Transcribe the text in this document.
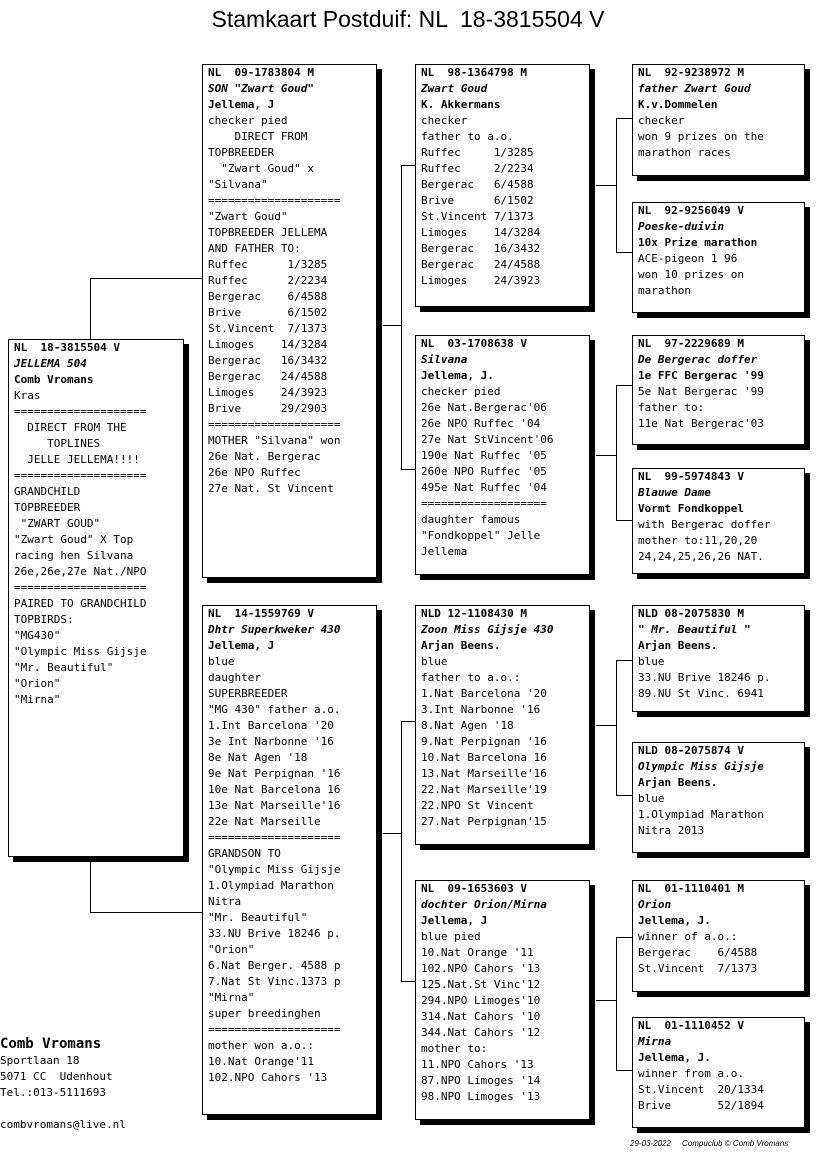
Stamkaart Postduif: NL  18-3815504 V
NL  18-3815504 V
JELLEMA 504
Comb Vromans
Kras
====================
DIRECT FROM THE
TOPLINES
JELLE JELLEMA!!!!
====================
GRANDCHILD
TOPBREEDER
"ZWART GOUD"
"Zwart Goud" X Top
racing hen Silvana
26e,26e,27e Nat./NPO
====================
PAIRED TO GRANDCHILD
TOPBIRDS:
"MG430"
"Olympic Miss Gijsje
"Mr. Beautiful"
"Orion"
"Mirna"
NL  09-1783804 M
SON "Zwart Goud"
Jellema, J
checker pied
DIRECT FROM
TOPBREEDER
"Zwart Goud" x
"Silvana"
====================
"Zwart Goud"
TOPBREEDER JELLEMA
AND FATHER TO:
Ruffec      1/3285
Ruffec      2/2234
Bergerac    6/4588
Brive       6/1502
St.Vincent  7/1373
Limoges    14/3284
Bergerac   16/3432
Bergerac   24/4588
Limoges    24/3923
Brive      29/2903
====================
MOTHER "Silvana" won
26e Nat. Bergerac
26e NPO Ruffec
27e Nat. St Vincent
NL  14-1559769 V
Dhtr Superkweker 430
Jellema, J
blue
daughter
SUPERBREEDER
"MG 430" father a.o.
1.Int Barcelona '20
3e Int Narbonne '16
8e Nat Agen '18
9e Nat Perpignan '16
10e Nat Barcelona 16
13e Nat Marseille'16
22e Nat Marseille
====================
GRANDSON TO
"Olympic Miss Gijsje
1.Olympiad Marathon
Nitra
"Mr. Beautiful"
33.NU Brive 18246 p.
"Orion"
6.Nat Berger. 4588 p
7.Nat St Vinc.1373 p
"Mirna"
super breedinghen
====================
mother won a.o.:
10.Nat Orange'11
102.NPO Cahors '13
NL  98-1364798 M
Zwart Goud
K. Akkermans
checker
father to a.o.
Ruffec     1/3285
Ruffec     2/2234
Bergerac   6/4588
Brive      6/1502
St.Vincent 7/1373
Limoges    14/3284
Bergerac   16/3432
Bergerac   24/4588
Limoges    24/3923
NL  03-1708638 V
Silvana
Jellema, J.
checker pied
26e Nat.Bergerac'06
26e NPO Ruffec '04
27e Nat StVincent'06
190e Nat Ruffec '05
260e NPO Ruffec '05
495e Nat Ruffec '04
===================
daughter famous
"Fondkoppel" Jelle
Jellema
NLD 12-1108430 M
Zoon Miss Gijsje 430
Arjan Beens.
blue
father to a.o.:
1.Nat Barcelona '20
3.Int Narbonne '16
8.Nat Agen '18
9.Nat Perpignan '16
10.Nat Barcelona 16
13.Nat Marseille'16
22.Nat Marseille'19
22.NPO St Vincent
27.Nat Perpignan'15
NL  09-1653603 V
dochter Orion/Mirna
Jellema, J
blue pied
10.Nat Orange '11
102.NPO Cahors '13
125.Nat.St Vinc'12
294.NPO Limoges'10
314.Nat Cahors '10
344.Nat Cahors '12
mother to:
11.NPO Cahors '13
87.NPO Limoges '14
98.NPO Limoges '13
NL  92-9238972 M
father Zwart Goud
K.v.Dommelen
checker
won 9 prizes on the
marathon races
NL  92-9256049 V
Poeske-duivin
10x Prize marathon
ACE-pigeon 1 96
won 10 prizes on
marathon
NL  97-2229689 M
De Bergerac doffer
1e FFC Bergerac '99
5e Nat Bergerac '99
father to:
11e Nat Bergerac'03
NL  99-5974843 V
Blauwe Dame
Vormt Fondkoppel
with Bergerac doffer
mother to:11,20,20
24,24,25,26,26 NAT.
NLD 08-2075830 M
" Mr. Beautiful "
Arjan Beens.
blue
33.NU Brive 18246 p.
89.NU St Vinc. 6941
NLD 08-2075874 V
Olympic Miss Gijsje
Arjan Beens.
blue
1.Olympiad Marathon
Nitra 2013
NL  01-1110401 M
Orion
Jellema, J.
winner of a.o.:
Bergerac    6/4588
St.Vincent  7/1373
NL  01-1110452 V
Mirna
Jellema, J.
winner from a.o.
St.Vincent  20/1334
Brive       52/1894
Comb Vromans
Sportlaan 18
5071 CC  Udenhout
Tel.:013-5111693
combvromans@live.nl
29-03-2022     Compuclub © Comb Vromans
